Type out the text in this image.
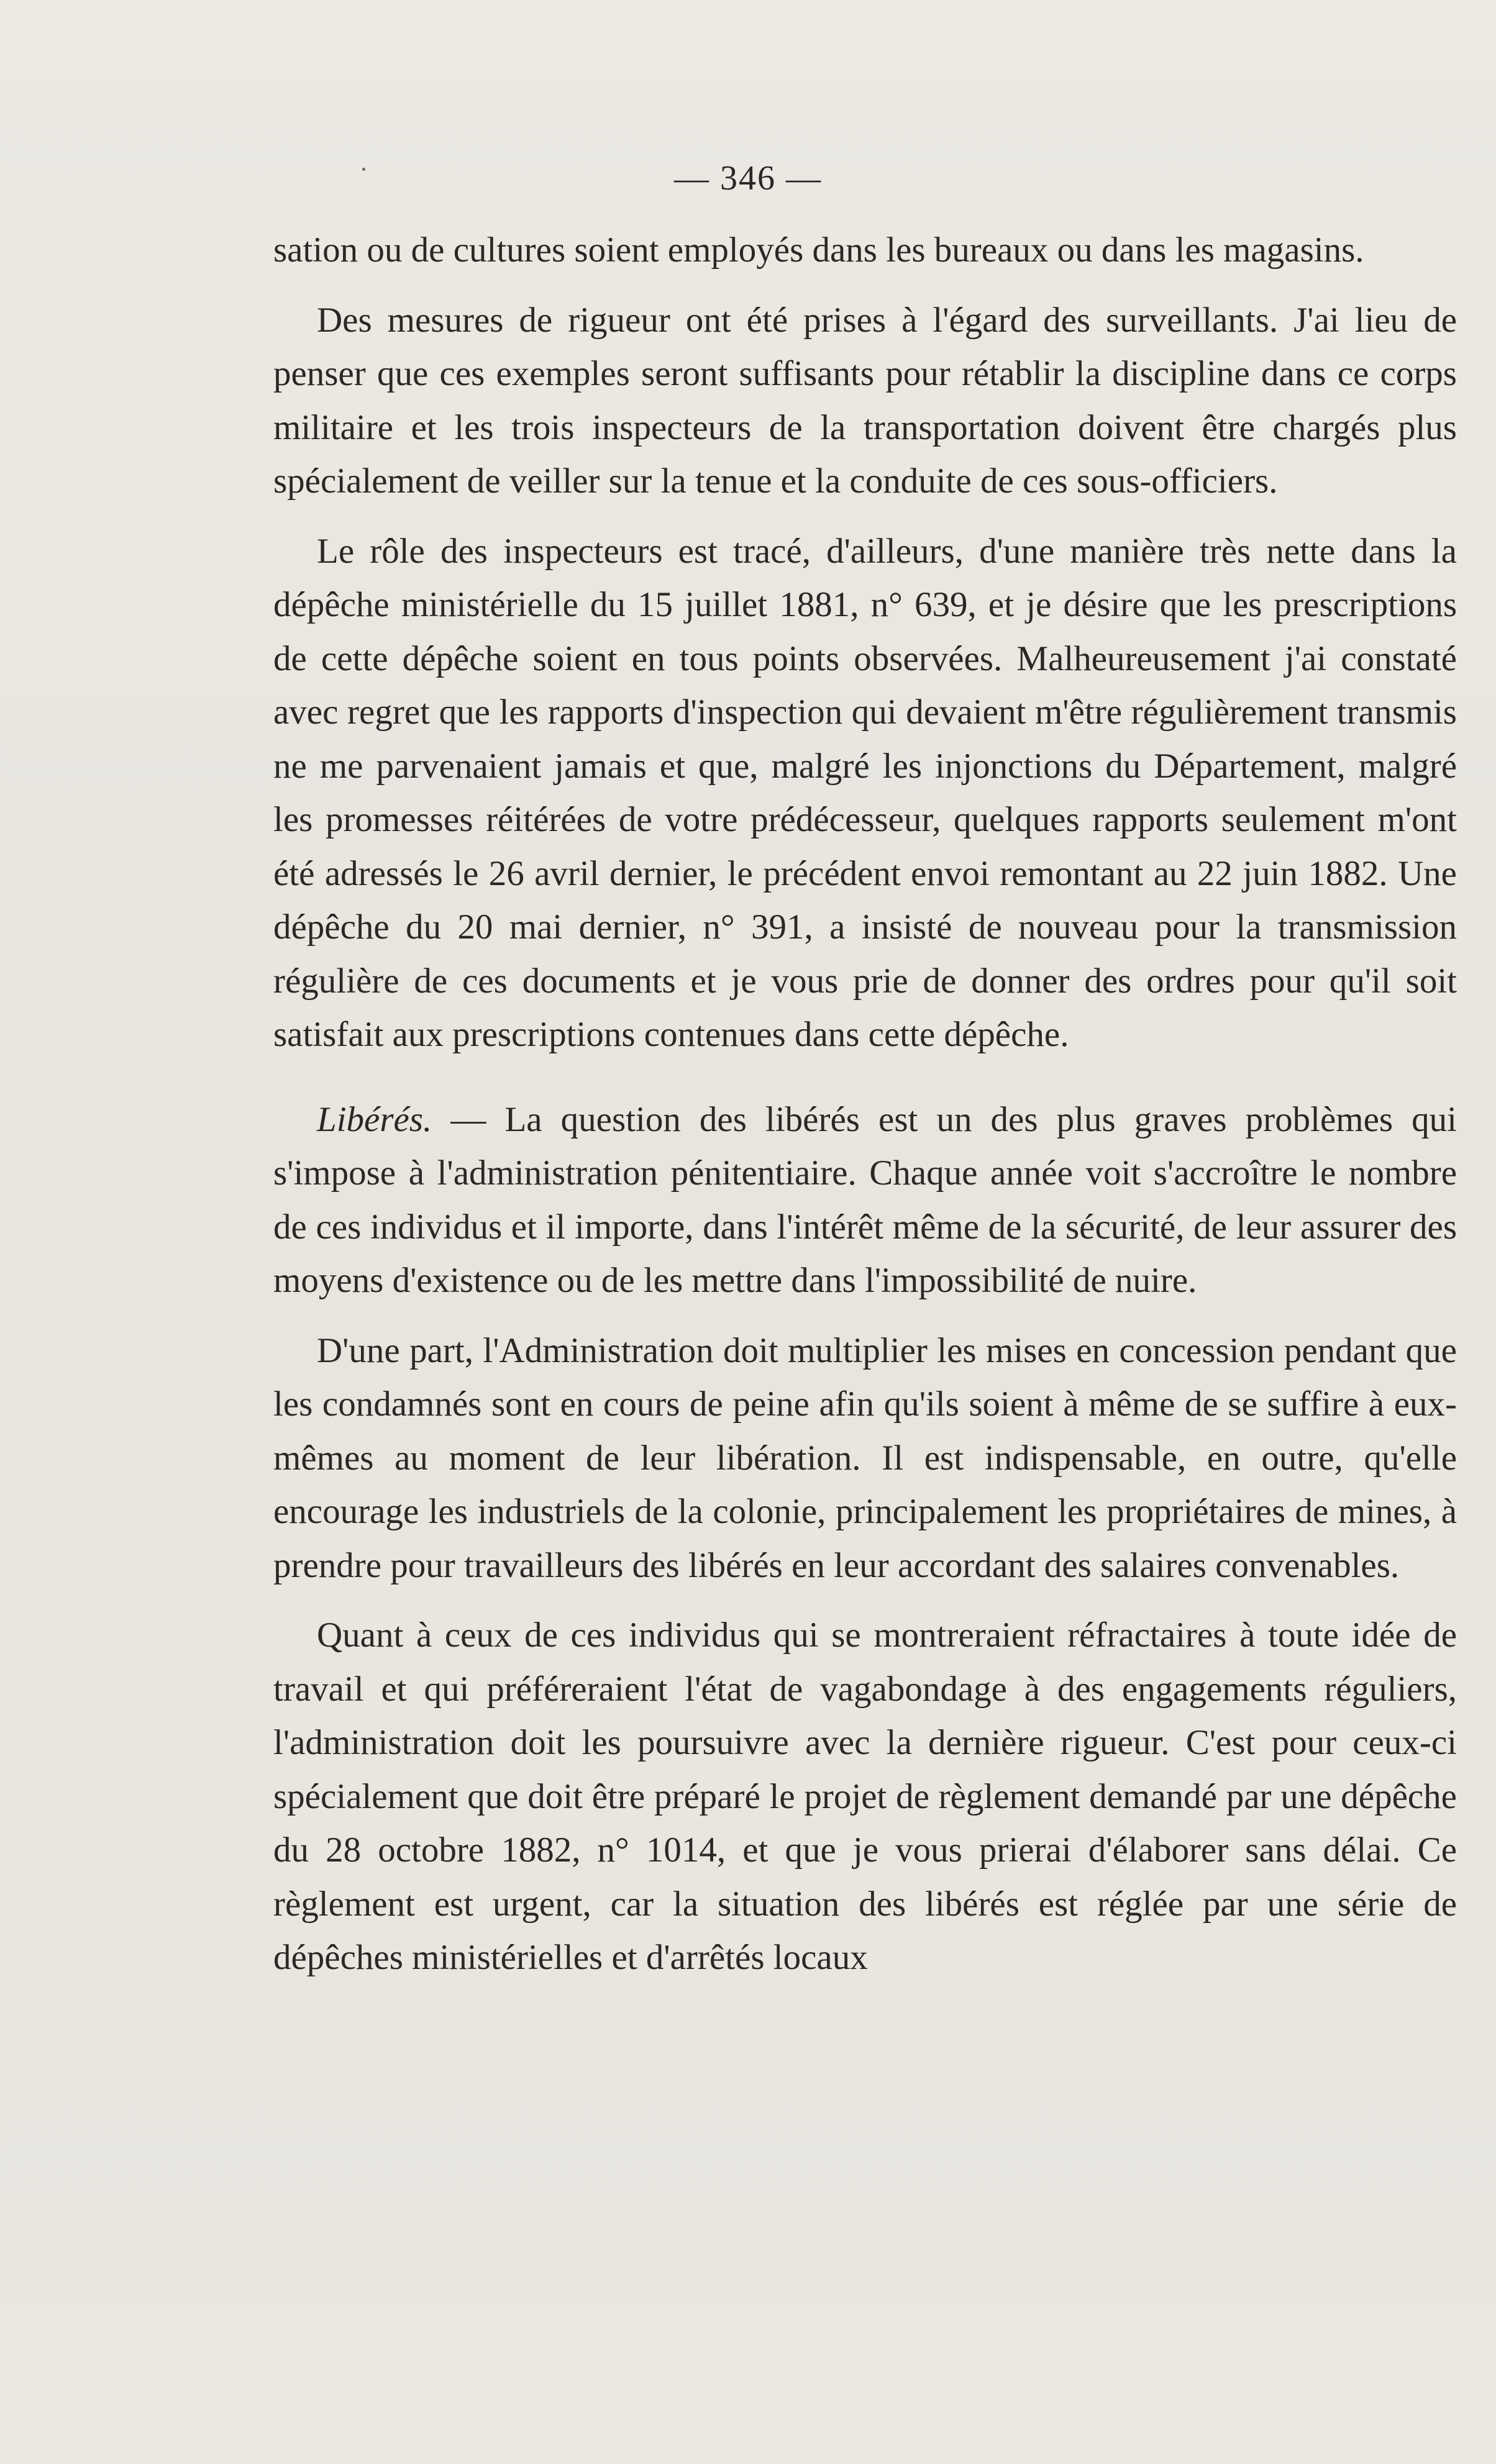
— 346 —

sation ou de cultures soient employés dans les bureaux ou dans les magasins.

Des mesures de rigueur ont été prises à l'égard des surveillants. J'ai lieu de penser que ces exemples seront suffisants pour rétablir la discipline dans ce corps militaire et les trois inspecteurs de la transportation doivent être chargés plus spécialement de veiller sur la tenue et la conduite de ces sous-officiers.

Le rôle des inspecteurs est tracé, d'ailleurs, d'une manière très nette dans la dépêche ministérielle du 15 juillet 1881, n° 639, et je désire que les prescriptions de cette dépêche soient en tous points observées. Malheureusement j'ai constaté avec regret que les rapports d'inspection qui devaient m'être régulièrement transmis ne me parvenaient jamais et que, malgré les injonctions du Département, malgré les promesses réitérées de votre prédécesseur, quelques rapports seulement m'ont été adressés le 26 avril dernier, le précédent envoi remontant au 22 juin 1882. Une dépêche du 20 mai dernier, n° 391, a insisté de nouveau pour la transmission régulière de ces documents et je vous prie de donner des ordres pour qu'il soit satisfait aux prescriptions contenues dans cette dépêche.

Libérés. — La question des libérés est un des plus graves problèmes qui s'impose à l'administration pénitentiaire. Chaque année voit s'accroître le nombre de ces individus et il importe, dans l'intérêt même de la sécurité, de leur assurer des moyens d'existence ou de les mettre dans l'impossibilité de nuire.

D'une part, l'Administration doit multiplier les mises en concession pendant que les condamnés sont en cours de peine afin qu'ils soient à même de se suffire à eux-mêmes au moment de leur libération. Il est indispensable, en outre, qu'elle encourage les industriels de la colonie, principalement les propriétaires de mines, à prendre pour travailleurs des libérés en leur accordant des salaires convenables.

Quant à ceux de ces individus qui se montreraient réfractaires à toute idée de travail et qui préféreraient l'état de vagabondage à des engagements réguliers, l'administration doit les poursuivre avec la dernière rigueur. C'est pour ceux-ci spécialement que doit être préparé le projet de règlement demandé par une dépêche du 28 octobre 1882, n° 1014, et que je vous prierai d'élaborer sans délai. Ce règlement est urgent, car la situation des libérés est réglée par une série de dépêches ministérielles et d'arrêtés locaux
